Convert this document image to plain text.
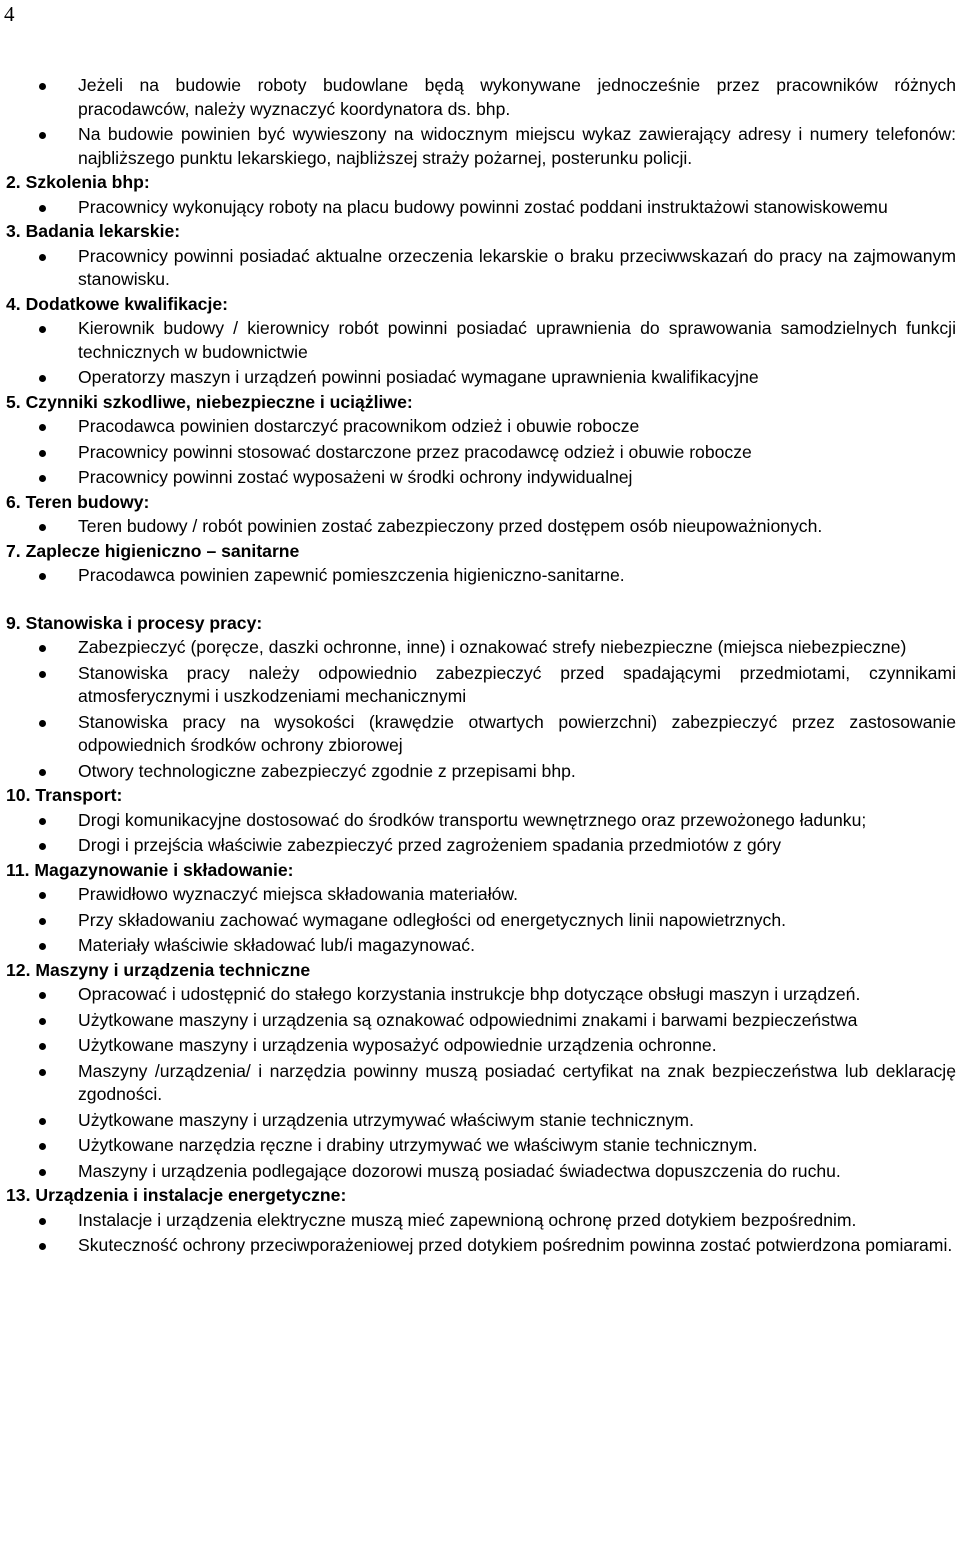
4
Jeżeli na budowie roboty budowlane będą wykonywane jednocześnie przez pracowników różnych pracodawców, należy wyznaczyć koordynatora ds. bhp.
Na budowie powinien być wywieszony na widocznym miejscu wykaz zawierający adresy i numery telefonów: najbliższego punktu lekarskiego, najbliższej straży pożarnej, posterunku policji.
2. Szkolenia bhp:
Pracownicy wykonujący roboty na placu budowy powinni zostać poddani instruktażowi stanowiskowemu
3. Badania lekarskie:
Pracownicy powinni posiadać aktualne orzeczenia lekarskie o braku przeciwwskazań do pracy na zajmowanym stanowisku.
4. Dodatkowe kwalifikacje:
Kierownik budowy / kierownicy robót powinni posiadać uprawnienia do sprawowania samodzielnych funkcji technicznych w budownictwie
Operatorzy maszyn i urządzeń powinni posiadać wymagane uprawnienia kwalifikacyjne
5. Czynniki szkodliwe, niebezpieczne i uciążliwe:
Pracodawca powinien dostarczyć pracownikom odzież i obuwie robocze
Pracownicy powinni stosować dostarczone przez pracodawcę odzież i obuwie robocze
Pracownicy powinni zostać wyposażeni w środki ochrony indywidualnej
6. Teren budowy:
Teren budowy / robót powinien zostać zabezpieczony przed dostępem osób nieupoważnionych.
7. Zaplecze higieniczno – sanitarne
Pracodawca powinien zapewnić pomieszczenia higieniczno-sanitarne.
9. Stanowiska i procesy pracy:
Zabezpieczyć (poręcze, daszki ochronne, inne) i oznakować strefy niebezpieczne (miejsca niebezpieczne)
Stanowiska pracy należy odpowiednio zabezpieczyć przed spadającymi przedmiotami, czynnikami atmosferycznymi i uszkodzeniami mechanicznymi
Stanowiska pracy na wysokości (krawędzie otwartych powierzchni) zabezpieczyć przez zastosowanie odpowiednich środków ochrony zbiorowej
Otwory technologiczne zabezpieczyć zgodnie z przepisami bhp.
10. Transport:
Drogi komunikacyjne dostosować do środków transportu wewnętrznego oraz przewożonego ładunku;
Drogi i przejścia właściwie zabezpieczyć przed zagrożeniem spadania przedmiotów z góry
11. Magazynowanie i składowanie:
Prawidłowo wyznaczyć miejsca składowania materiałów.
Przy składowaniu zachować wymagane odległości od energetycznych linii napowietrznych.
Materiały właściwie składować lub/i magazynować.
12. Maszyny i urządzenia techniczne
Opracować i udostępnić do stałego korzystania instrukcje bhp dotyczące obsługi maszyn i urządzeń.
Użytkowane maszyny i urządzenia są oznakować odpowiednimi znakami i barwami bezpieczeństwa
Użytkowane maszyny i urządzenia wyposażyć odpowiednie urządzenia ochronne.
Maszyny /urządzenia/ i narzędzia powinny muszą posiadać certyfikat na znak bezpieczeństwa lub deklarację zgodności.
Użytkowane maszyny i urządzenia utrzymywać właściwym stanie technicznym.
Użytkowane narzędzia ręczne i drabiny utrzymywać we właściwym stanie technicznym.
Maszyny i urządzenia podlegające dozorowi muszą posiadać świadectwa dopuszczenia do ruchu.
13. Urządzenia i instalacje energetyczne:
Instalacje i urządzenia elektryczne muszą mieć zapewnioną ochronę przed dotykiem bezpośrednim.
Skuteczność ochrony przeciwporażeniowej przed dotykiem pośrednim powinna zostać potwierdzona pomiarami.
